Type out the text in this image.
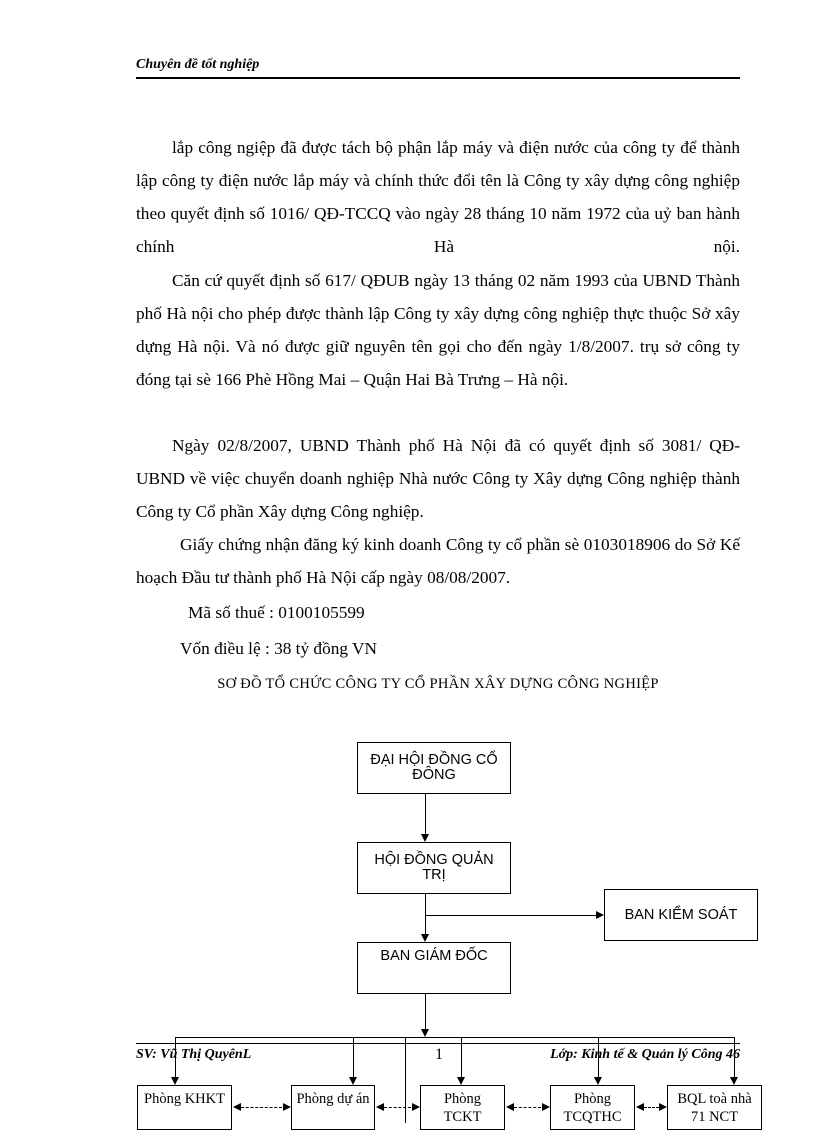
Chuyên đề tốt nghiệp
lắp công ngiệp đã được tách bộ phận lắp máy và điện nước của công ty để thành lập công ty điện nước lắp máy và chính thức đổi tên là Công ty xây dựng công nghiệp theo quyết định số 1016/ QĐ-TCCQ vào ngày 28 tháng 10 năm 1972 của uỷ ban hành chính Hà nội.
Căn cứ quyết định số 617/ QĐUB ngày 13 tháng 02 năm 1993 của UBND Thành phố Hà nội cho phép được thành lập Công ty xây dựng công nghiệp thực thuộc Sở xây dựng Hà nội. Và nó được giữ nguyên tên gọi cho đến ngày 1/8/2007. trụ sở công ty đóng tại sè 166 Phè Hồng Mai – Quận Hai Bà Trưng – Hà nội.
Ngày 02/8/2007, UBND Thành phố Hà Nội đã có quyết định số 3081/ QĐ-UBND về việc chuyển doanh nghiệp Nhà nước Công ty Xây dựng Công nghiệp thành Công ty Cổ phần Xây dựng Công nghiệp.
Giấy chứng nhận đăng ký kinh doanh Công ty cổ phần sè 0103018906 do Sở Kế hoạch Đầu tư thành phố Hà Nội cấp ngày 08/08/2007.
Mã số thuế : 0100105599
Vốn điều lệ : 38 tỷ đồng VN
SƠ ĐỒ TỔ CHỨC CÔNG TY CỔ PHẦN XÂY DỰNG CÔNG NGHIỆP
ĐẠI HỘI ĐỒNG CỔ ĐÔNG
HỘI ĐỒNG QUẢN TRỊ
BAN KIỂM SOÁT
BAN GIÁM ĐỐC
Phòng KHKT	Phòng dự án	Phòng TCKT
Phòng TCQTHC
BQL toà nhà 71 NCT
SV: Vũ Thị QuyênL	1	Lớp: Kinh tế & Quản lý Công 46
